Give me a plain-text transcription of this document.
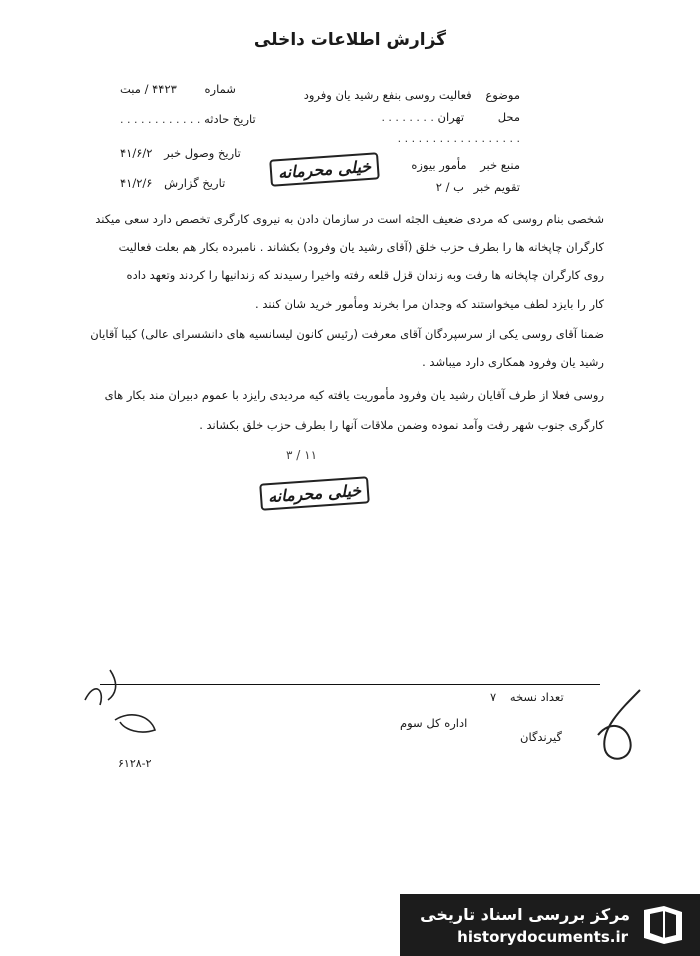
گزارش اطلاعات داخلی
موضوع فعالیت روسی بنفع رشید یان وفرود
محل تهران . . . . . . . .
. . . . . . . . . . . . . . . . . .
منبع خبر مأمور بیوزه
تقویم خبر ب / ۲
شماره ۴۴۲۳ / مبت
تاریخ حادثه . . . . . . . . . . . .
تاریخ وصول خبر ۴۱/۶/۲
تاریخ گزارش ۴۱/۲/۶
خیلی محرمانه
شخصی بنام روسی که مردی ضعیف الجثه است در سازمان دادن به نیروی کارگری تخصص دارد سعی میکند
کارگران چاپخانه ها را بطرف حزب خلق (آقای رشید یان وفرود) بکشاند . نامبرده بکار هم بعلت فعالیت
روی کارگران چاپخانه ها رفت وبه زندان قزل قلعه رفته واخیرا رسیدند که زندانیها را کردند وتعهد داده
کار را بایزد لطف میخواستند که وجدان مرا بخرند ومأمور خرید شان کنند .
ضمنا آقای روسی یکی از سرسپردگان آقای معرفت (رئیس کانون لیسانسیه های دانشسرای عالی) کیبا آقایان
رشید یان وفرود همکاری دارد میباشد .
روسی فعلا از طرف آقایان رشید یان وفرود مأموریت یافته کیه مردیدی رایزد با عموم دبیران مند بکار های
کارگری جنوب شهر رفت وآمد نموده وضمن ملاقات آنها را بطرف حزب خلق بکشاند .
۱۱ / ۳
خیلی محرمانه
تعداد نسخه ۷
اداره کل سوم
گیرندگان
۶۱۲۸-۲
مرکز بررسی اسناد تاریخی
historydocuments.ir
